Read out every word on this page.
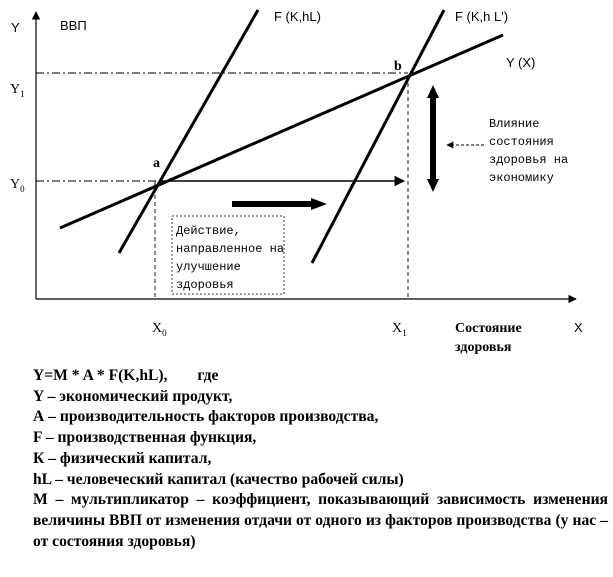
Y	ВВП
X
$Y_1$
$Y_0$
$X_0$	$X_1$	Состояние
здоровья
F (K,hL)	F (K,h L')
Y (X)
a
b
Влияние
состояния
здоровья на
экономику
Действие,
направленное на
улучшение
здоровья
Y=M * A * F(K,hL), где
Y – экономический продукт,
А – производительность факторов производства,
F – производственная функция,
К – физический капитал,
hL – человеческий капитал (качество рабочей силы)
М – мультипликатор – коэффициент, показывающий зависимость изменения величины ВВП от изменения отдачи от одного из факторов производства (у нас – от состояния здоровья)
